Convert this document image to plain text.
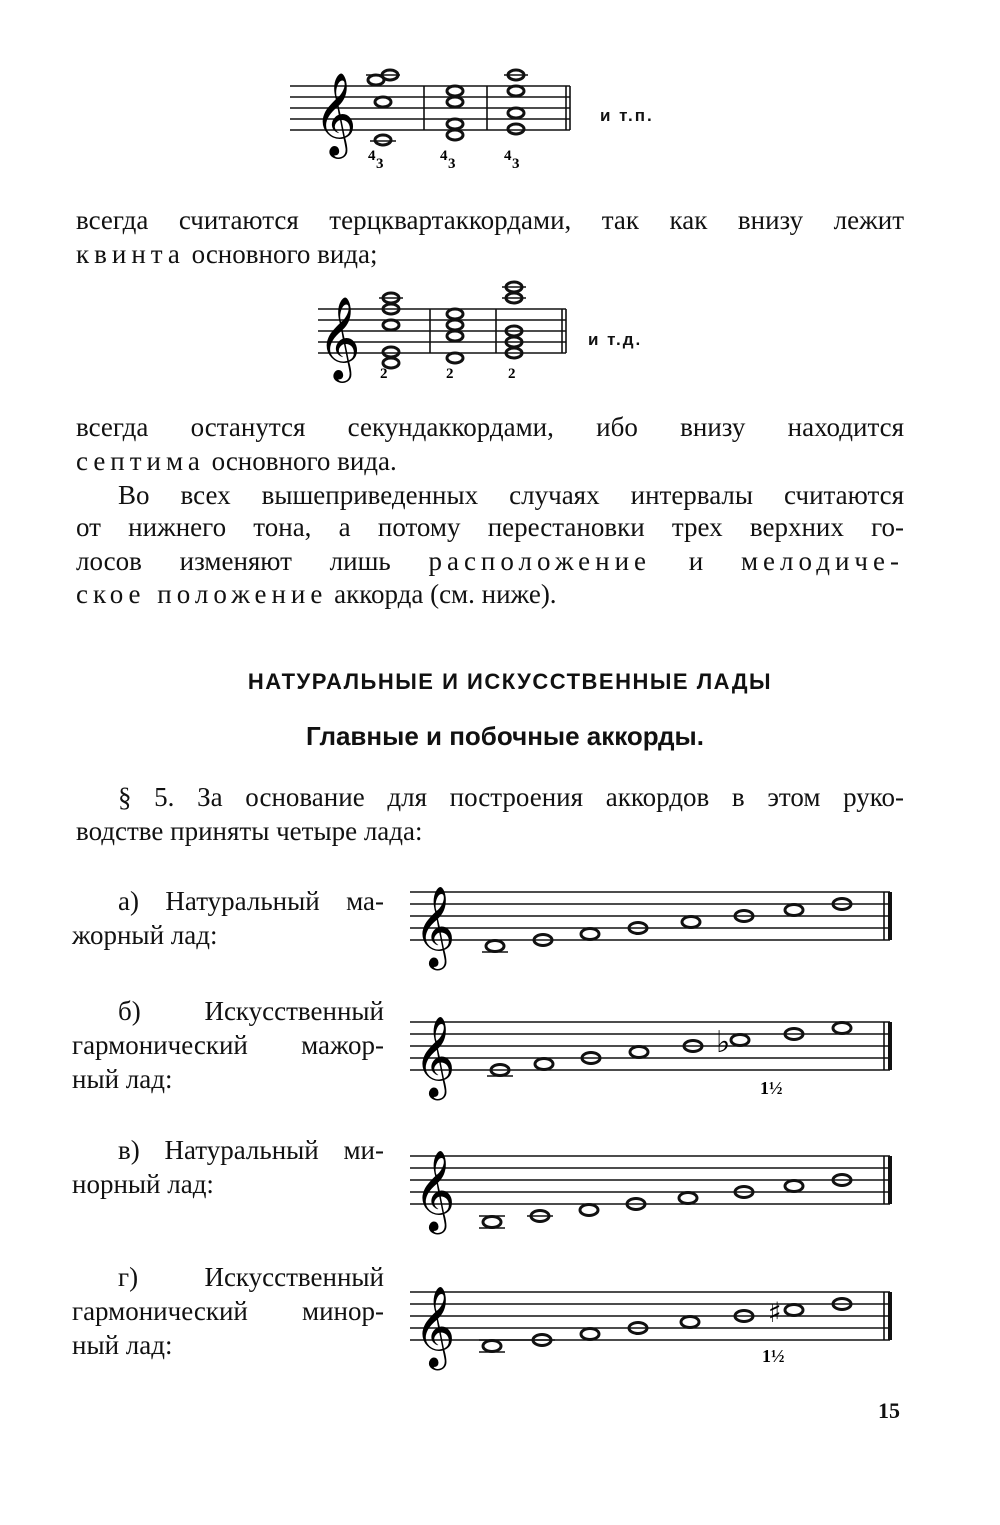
𝄞
4 3	4 3	4 3
и т.п.
всегда считаются терцквартаккордами, так как внизу лежит
квинта основного вида;
𝄞 2	2	2
и т.д.
всегда останутся секундаккордами, ибо внизу находится
септима основного вида.
Во всех вышеприведенных случаях интервалы считаются
от нижнего тона, а потому перестановки трех верхних го-
лосов изменяют лишь расположение и мелодиче-
ское положение аккорда (см. ниже).
НАТУРАЛЬНЫЕ И ИСКУССТВЕННЫЕ ЛАДЫ
Главные и побочные аккорды.
§ 5. За основание для построения аккордов в этом руко-
водстве приняты четыре лада:
а) Натуральный ма-
жорный лад:	𝄞
б) Искусственный
гармонический мажор-
ный лад:	𝄞	♭
1½
в) Натуральный ми-
норный лад:	𝄞
г) Искусственный
гармонический минор-
ный лад:	𝄞	♯
1½
15
